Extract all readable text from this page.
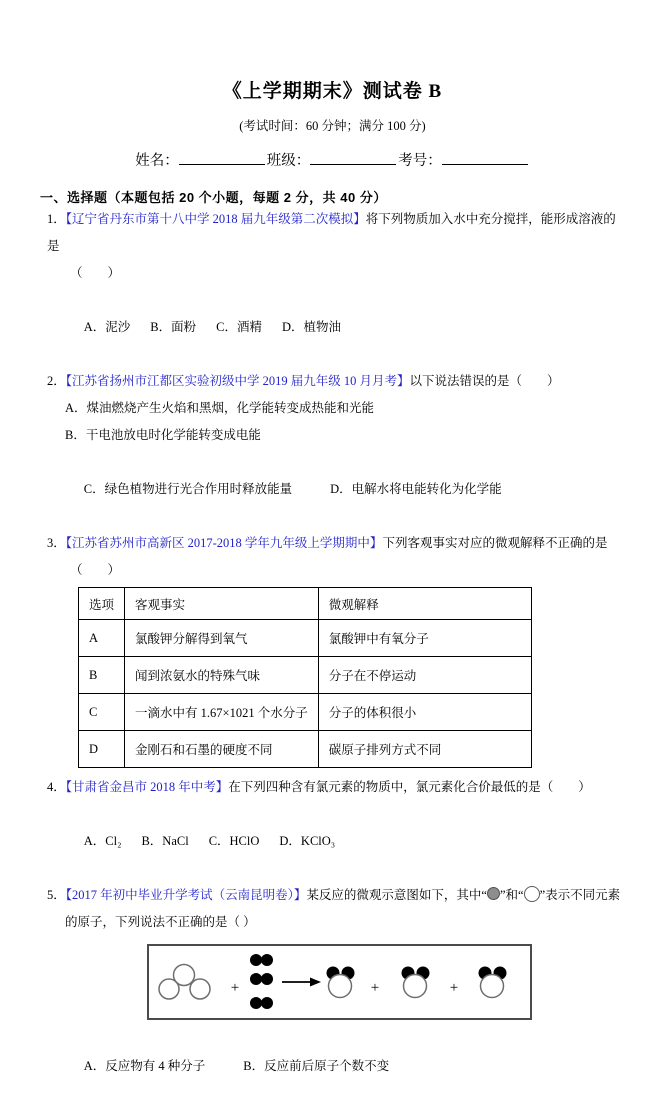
《上学期期末》测试卷 B
(考试时间：60 分钟；满分 100 分)
姓名：	班级：	考号：
一、选择题（本题包括 20 个小题，每题 2 分，共 40 分）
1．【辽宁省丹东市第十八中学 2018 届九年级第二次模拟】将下列物质加入水中充分搅拌，能形成溶液的是
（　　）

A．泥沙 B．面粉 C．酒精 D．植物油

2．【江苏省扬州市江都区实验初级中学 2019 届九年级 10 月月考】以下说法错误的是（　　）
A．煤油燃烧产生火焰和黑烟，化学能转变成热能和光能
B．干电池放电时化学能转变成电能

C．绿色植物进行光合作用时释放能量	D．电解水将电能转化为化学能

3．【江苏省苏州市高新区 2017-2018 学年九年级上学期期中】下列客观事实对应的微观解释不正确的是
（　　）
选项	客观事实	微观解释
A	氯酸钾分解得到氧气	氯酸钾中有氧分子
B	闻到浓氨水的特殊气味	分子在不停运动
C	一滴水中有 1.67×1021 个水分子	分子的体积很小
D	金刚石和石墨的硬度不同	碳原子排列方式不同
4．【甘肃省金昌市 2018 年中考】在下列四种含有氯元素的物质中，氯元素化合价最低的是（　　）

A．Cl₂ B．NaCl C．HClO D．KClO₃

5．【2017 年初中毕业升学考试（云南昆明卷）】某反应的微观示意图如下，其中“ ”和“ ”表示不同元素
的原子，下列说法不正确的是（ ）
+	+	+

A．反应物有 4 种分子	B．反应前后原子个数不变
